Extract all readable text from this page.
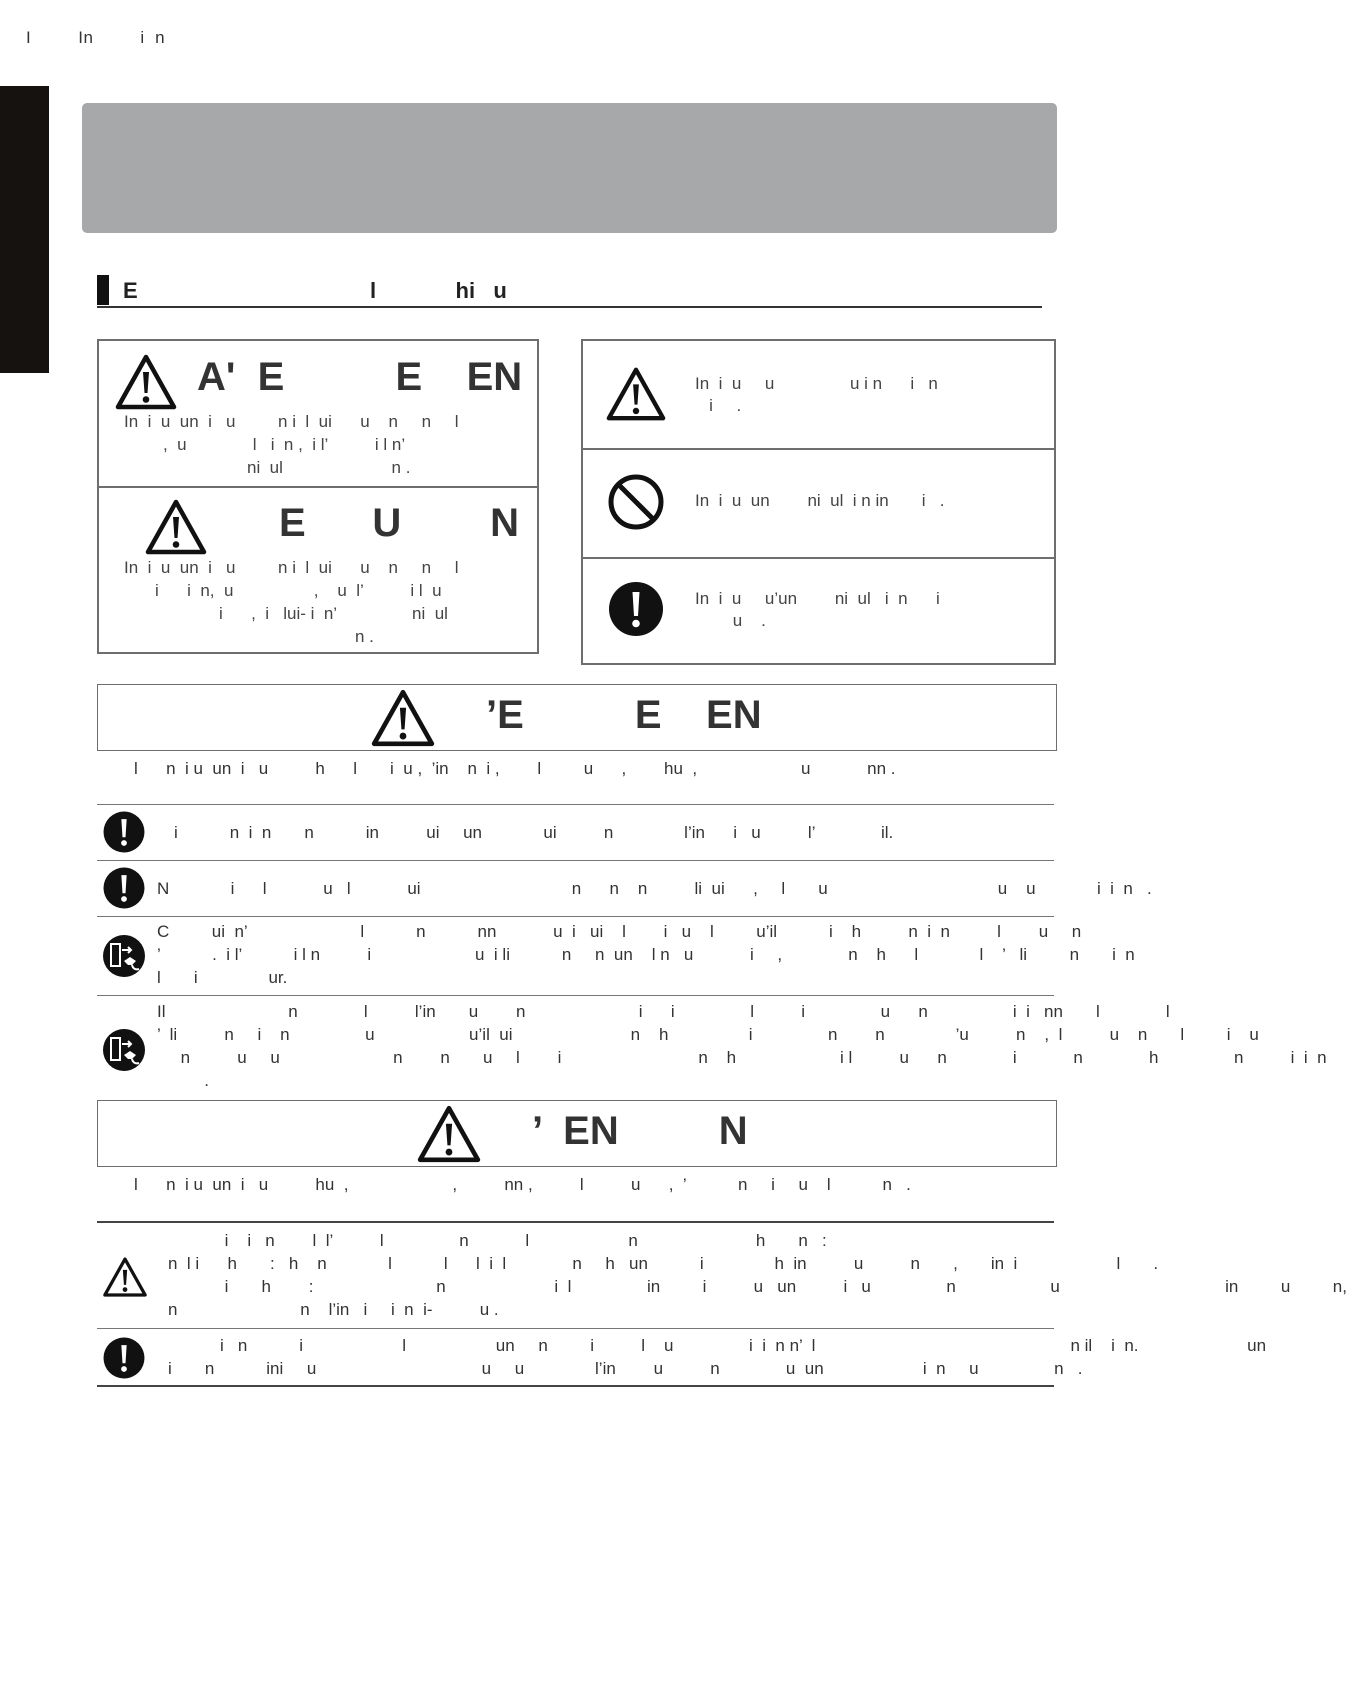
I         In         i  n
E                                      l             hi   u
A'  E          E    EN
In  i  u  un  i   u         n i  l  ui      u    n     n     l
,  u              l   i  n ,  i l’          i l n’
ni  ul                       n .
E      U        N
In  i  u  un  i   u         n i  l  ui      u    n     n     l
i      i  n,  u                 ,    u  l’          i l  u
i      ,  i   lui- i  n’                ni  ul
n .
In  i  u     u                u i n      i   n
i     .
In  i  u  un        ni  ul  i n in       i   .
In  i  u     u’un        ni  ul   i  n      i
u    .
’E          E    EN
l      n  i u  un  i   u          h      l       i  u ,  ’in    n  i ,        l         u      ,        hu  ,                      u            nn .
i           n  i  n       n           in          ui     un             ui          n               l’in      i   u          l’              il.
N             i      l            u   l            ui                                n      n    n          li  ui      ,     l       u                                    u    u             i  i  n   .
C         ui  n’                        l           n           nn            u  i   ui    l        i   u    l         u’il           i    h          n  i  n          l        u     n
’           .  i l’           i l n          i                      u  i li           n     n  un    l n   u            i     ,              n    h      l             l    ’   li         n       i  n
l       i               ur.
Il                          n              l          l’in       u        n                        i      i                l          i                u      n                  i  i   nn       l              l
’  li          n     i    n                u                    u’il  ui                         n    h                 i                n        n               ’u          n    ,  l          u    n       l         i    u
n          u     u                        n        n       u     l        i                             n    h                      i l          u      n              i            n              h                n          i  i  n
.
’  EN         N
l      n  i u  un  i   u          hu  ,                      ,          nn ,          l          u      ,  ’           n     i     u    l           n   .
i    i   n        l  l’          l                n            l                     n                         h       n   :
n  l i      h       :   h    n             l           l      l  i  l              n     h   un           i               h  in          u          n       ,       in  i                     l       .
i       h        :                          n                       i  l                in         i          u   un          i   u                n                    u                                   in         u         n,
n                          n    l’in   i     i  n  i-          u .
i   n           i                     l                   un     n         i          l    u                i  i  n n’  l                                                      n il    i  n.                       un
i       n           ini     u                                   u     u               l’in        u          n              u  un                     i  n     u                n   .
